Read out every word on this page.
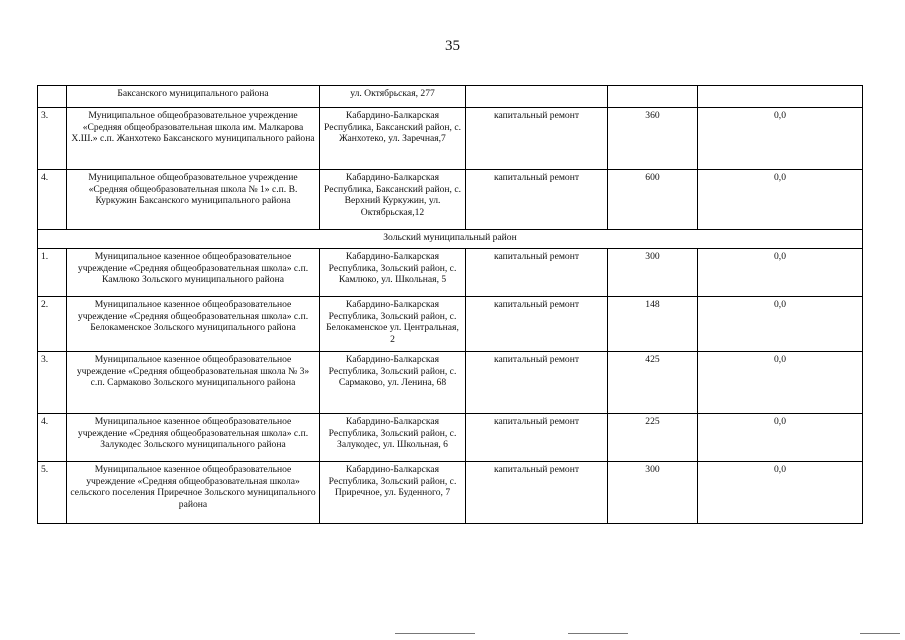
35
	Баксанского муниципального района	ул. Октябрьская, 277			
3.	Муниципальное общеобразовательное учреждение «Средняя общеобразовательная школа им. Малкарова Х.Ш.» с.п. Жанхотеко Баксанского муниципального района	Кабардино-Балкарская Республика, Баксанский район, с. Жанхотеко, ул. Заречная,7	капитальный ремонт	360	0,0
4.	Муниципальное общеобразовательное учреждение «Средняя общеобразовательная школа № 1» с.п. В. Куркужин Баксанского муниципального района	Кабардино-Балкарская Республика, Баксанский район, с. Верхний Куркужин, ул. Октябрьская,12	капитальный ремонт	600	0,0
Зольский муниципальный район					
1.	Муниципальное казенное общеобразовательное учреждение «Средняя общеобразовательная школа» с.п. Камлюко Зольского муниципального района	Кабардино-Балкарская Республика, Зольский район, с. Камлюко, ул. Школьная, 5	капитальный ремонт	300	0,0
2.	Муниципальное казенное общеобразовательное учреждение «Средняя общеобразовательная школа» с.п. Белокаменское Зольского муниципального района	Кабардино-Балкарская Республика, Зольский район, с. Белокаменское ул. Центральная, 2	капитальный ремонт	148	0,0
3.	Муниципальное казенное общеобразовательное учреждение «Средняя общеобразовательная школа № 3» с.п. Сармаково Зольского муниципального района	Кабардино-Балкарская Республика, Зольский район, с. Сармаково, ул. Ленина, 68	капитальный ремонт	425	0,0
4.	Муниципальное казенное общеобразовательное учреждение «Средняя общеобразовательная школа» с.п. Залукодес Зольского муниципального района	Кабардино-Балкарская Республика, Зольский район, с. Залукодес, ул. Школьная, 6	капитальный ремонт	225	0,0
5.	Муниципальное казенное общеобразовательное учреждение «Средняя общеобразовательная школа» сельского поселения Приречное Зольского муниципального района	Кабардино-Балкарская Республика, Зольский район, с. Приречное, ул. Буденного, 7	капитальный ремонт	300	0,0
